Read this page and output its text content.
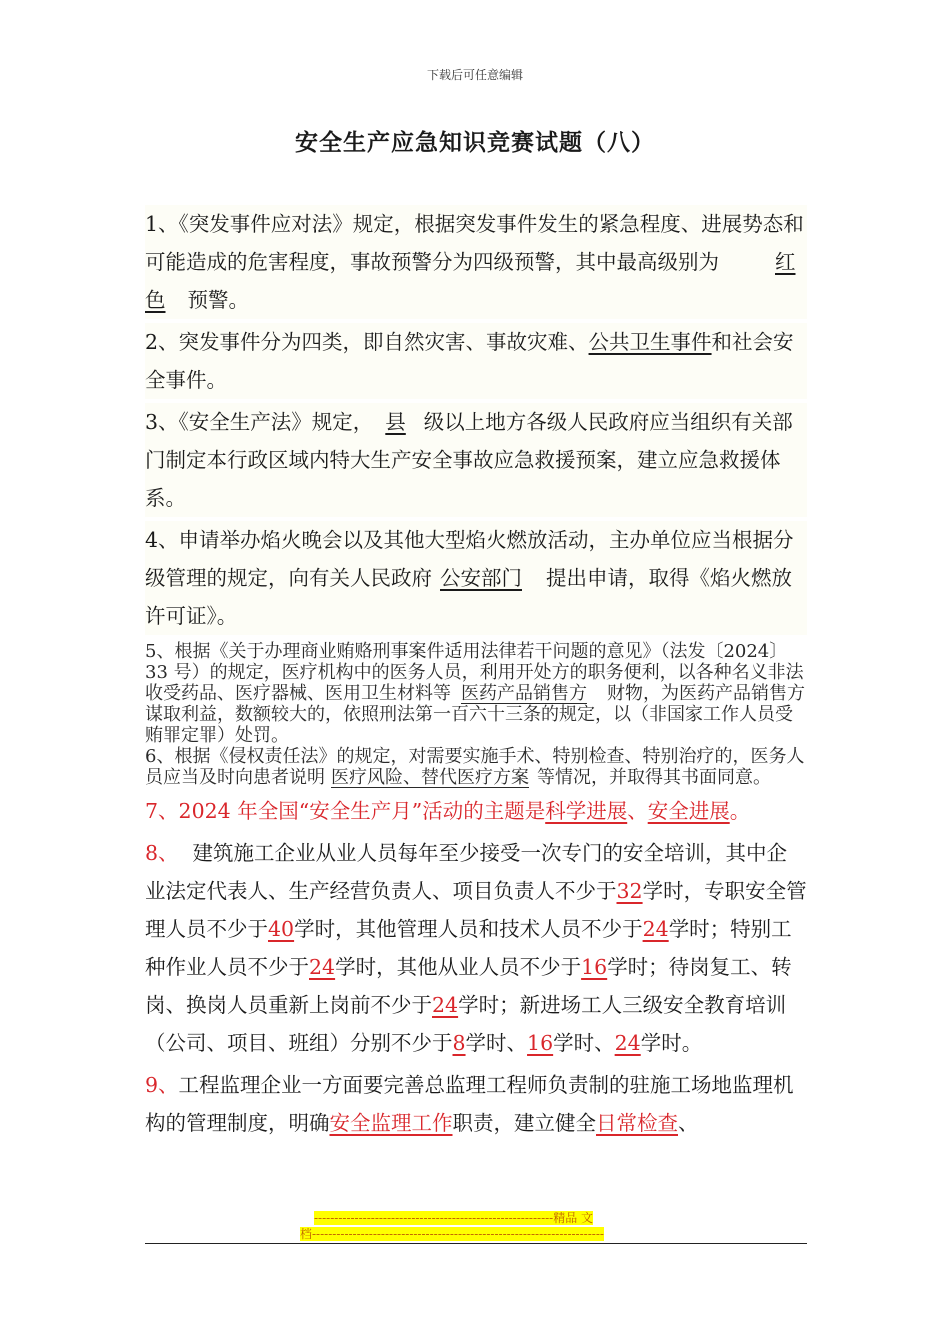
下载后可任意编辑
安全生产应急知识竞赛试题（八）

1、《突发事件应对法》规定，根据突发事件发生的紧急程度、进展势态和可能造成的危害程度，事故预警分为四级预警，其中最高级别为	红色 预警。

2、突发事件分为四类，即自然灾害、事故灾难、公共卫生事件和社会安全事件。

3、《安全生产法》规定， 县 级以上地方各级人民政府应当组织有关部门制定本行政区域内特大生产安全事故应急救援预案，建立应急救援体系。

4、申请举办焰火晚会以及其他大型焰火燃放活动，主办单位应当根据分级管理的规定，向有关人民政府 公安部门 提出申请，取得《焰火燃放许可证》。

5、根据《关于办理商业贿赂刑事案件适用法律若干问题的意见》（法发〔2024〕33 号）的规定，医疗机构中的医务人员，利用开处方的职务便利，以各种名义非法收受药品、医疗器械、医用卫生材料等 医药产品销售方 财物，为医药产品销售方谋取利益，数额较大的，依照刑法第一百六十三条的规定，以（非国家工作人员受贿罪定罪）处罚。

6、根据《侵权责任法》的规定，对需要实施手术、特别检查、特别治疗的，医务人员应当及时向患者说明 医疗风险、替代医疗方案 等情况，并取得其书面同意。

7、2024 年全国“安全生产月”活动的主题是科学进展、安全进展。

8、 建筑施工企业从业人员每年至少接受一次专门的安全培训，其中企业法定代表人、生产经营负责人、项目负责人不少于32学时，专职安全管理人员不少于40学时，其他管理人员和技术人员不少于24学时；特别工种作业人员不少于24学时，其他从业人员不少于16学时；待岗复工、转岗、换岗人员重新上岗前不少于24学时；新进场工人三级安全教育培训（公司、项目、班组）分别不少于8学时、16学时、24学时。

9、工程监理企业一方面要完善总监理工程师负责制的驻施工场地监理机构的管理制度，明确安全监理工作职责，建立健全日常检查、

-----------------------------------------------------------精品 文
档------------------------------------------------------------------------
